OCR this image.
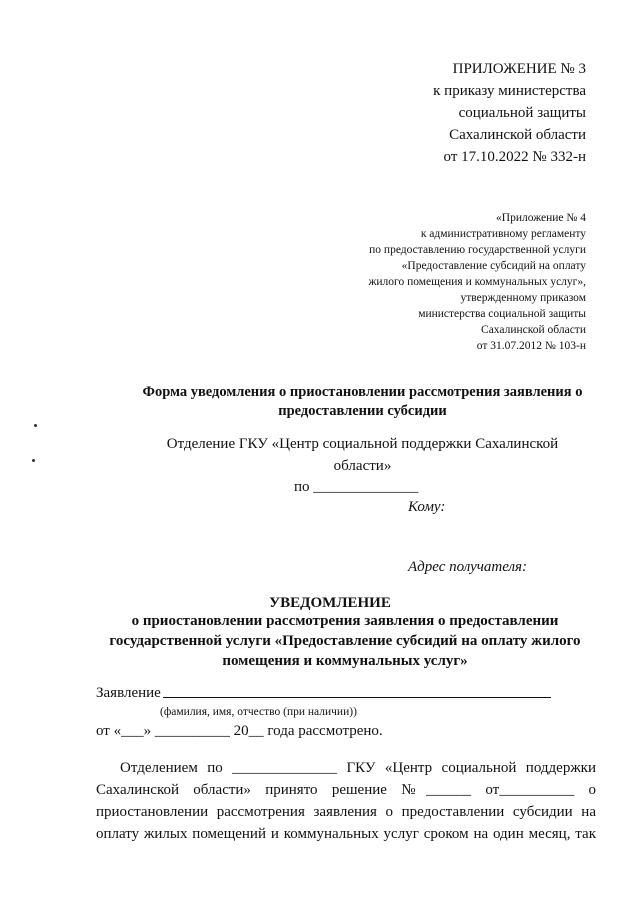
ПРИЛОЖЕНИЕ № 3
к приказу министерства
социальной защиты
Сахалинской области
от 17.10.2022 № 332-н
«Приложение № 4
к административному регламенту
по предоставлению государственной услуги
«Предоставление субсидий на оплату
жилого помещения и коммунальных услуг»,
утвержденному приказом
министерства социальной защиты
Сахалинской области
от 31.07.2012 № 103-н
Форма уведомления о приостановлении рассмотрения заявления о
предоставлении субсидии
Отделение ГКУ «Центр социальной поддержки Сахалинской
области»
по ______________
Кому:
Адрес получателя:
УВЕДОМЛЕНИЕ
о приостановлении рассмотрения заявления о предоставлении
государственной услуги «Предоставление субсидий на оплату жилого
помещения и коммунальных услуг»
Заявление
(фамилия, имя, отчество (при наличии))
от «___» __________ 20__ года рассмотрено.
Отделением по ______________ ГКУ «Центр социальной поддержки
Сахалинской области» принято решение №______ от__________ о
приостановлении рассмотрения заявления о предоставлении субсидии на
оплату жилых помещений и коммунальных услуг сроком на один месяц, так
